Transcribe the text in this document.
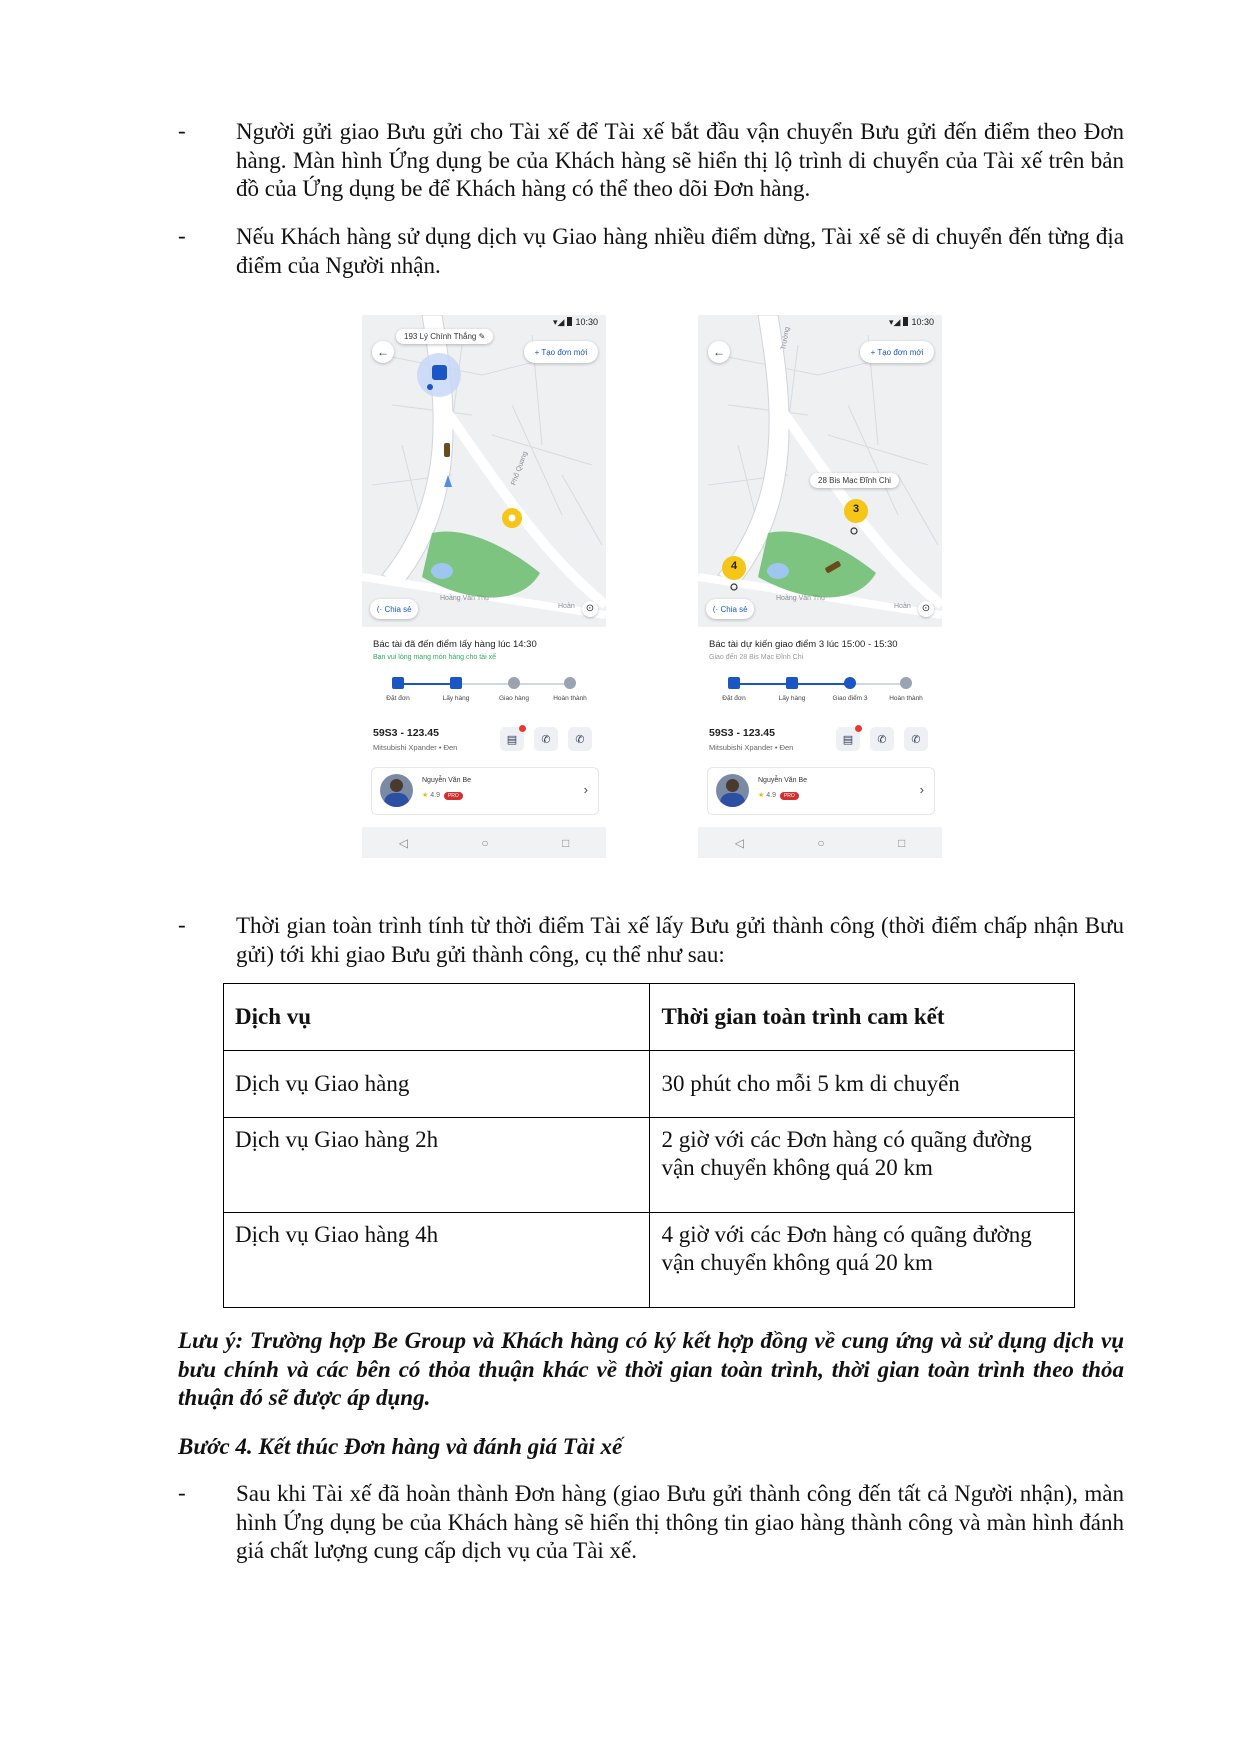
- Người gửi giao Bưu gửi cho Tài xế để Tài xế bắt đầu vận chuyển Bưu gửi đến điểm theo Đơn hàng. Màn hình Ứng dụng be của Khách hàng sẽ hiển thị lộ trình di chuyển của Tài xế trên bản đồ của Ứng dụng be để Khách hàng có thể theo dõi Đơn hàng.
- Nếu Khách hàng sử dụng dịch vụ Giao hàng nhiều điểm dừng, Tài xế sẽ di chuyển đến từng địa điểm của Người nhận.
▾◢ 10:30
←
193 Lý Chính Thắng ✎
+ Tạo đơn mới
⟨·
Chia sẻ	⊙
Hoàng Văn Thụ
Phổ Quang
Hoàn
Bác tài đã đến điểm lấy hàng lúc 14:30
Bạn vui lòng mang món hàng cho tài xế
Đặt đơn	Lấy hàng	Giao hàng	Hoàn thành
59S3 - 123.45
Mitsubishi Xpander • Đen
▤ ✆ ✆
Nguyễn Văn Be
★ 4.9 PRO	›
◁	○	□
▾◢ 10:30
←	+ Tạo đơn mới
28 Bis Mạc Đĩnh Chi
3
4
⟨·
Chia sẻ	⊙
Hoàng Văn Thụ
Trường
Hoàn
Bác tài dự kiến giao điểm 3 lúc 15:00 - 15:30
Giao đến 28 Bis Mạc Đĩnh Chi
Đặt đơn	Lấy hàng	Giao điểm 3	Hoàn thành
59S3 - 123.45
Mitsubishi Xpander • Đen
▤ ✆ ✆
Nguyễn Văn Be
★ 4.9 PRO	›
◁	○	□
- Thời gian toàn trình tính từ thời điểm Tài xế lấy Bưu gửi thành công (thời điểm chấp nhận Bưu gửi) tới khi giao Bưu gửi thành công, cụ thể như sau:
Dịch vụ	Thời gian toàn trình cam kết
Dịch vụ Giao hàng	30 phút cho mỗi 5 km di chuyển
Dịch vụ Giao hàng 2h	2 giờ với các Đơn hàng có quãng đường vận chuyển không quá 20 km
Dịch vụ Giao hàng 4h	4 giờ với các Đơn hàng có quãng đường vận chuyển không quá 20 km
Lưu ý: Trường hợp Be Group và Khách hàng có ký kết hợp đồng về cung ứng và sử dụng dịch vụ bưu chính và các bên có thỏa thuận khác về thời gian toàn trình, thời gian toàn trình theo thỏa thuận đó sẽ được áp dụng.
Bước 4. Kết thúc Đơn hàng và đánh giá Tài xế
- Sau khi Tài xế đã hoàn thành Đơn hàng (giao Bưu gửi thành công đến tất cả Người nhận), màn hình Ứng dụng be của Khách hàng sẽ hiển thị thông tin giao hàng thành công và màn hình đánh giá chất lượng cung cấp dịch vụ của Tài xế.
